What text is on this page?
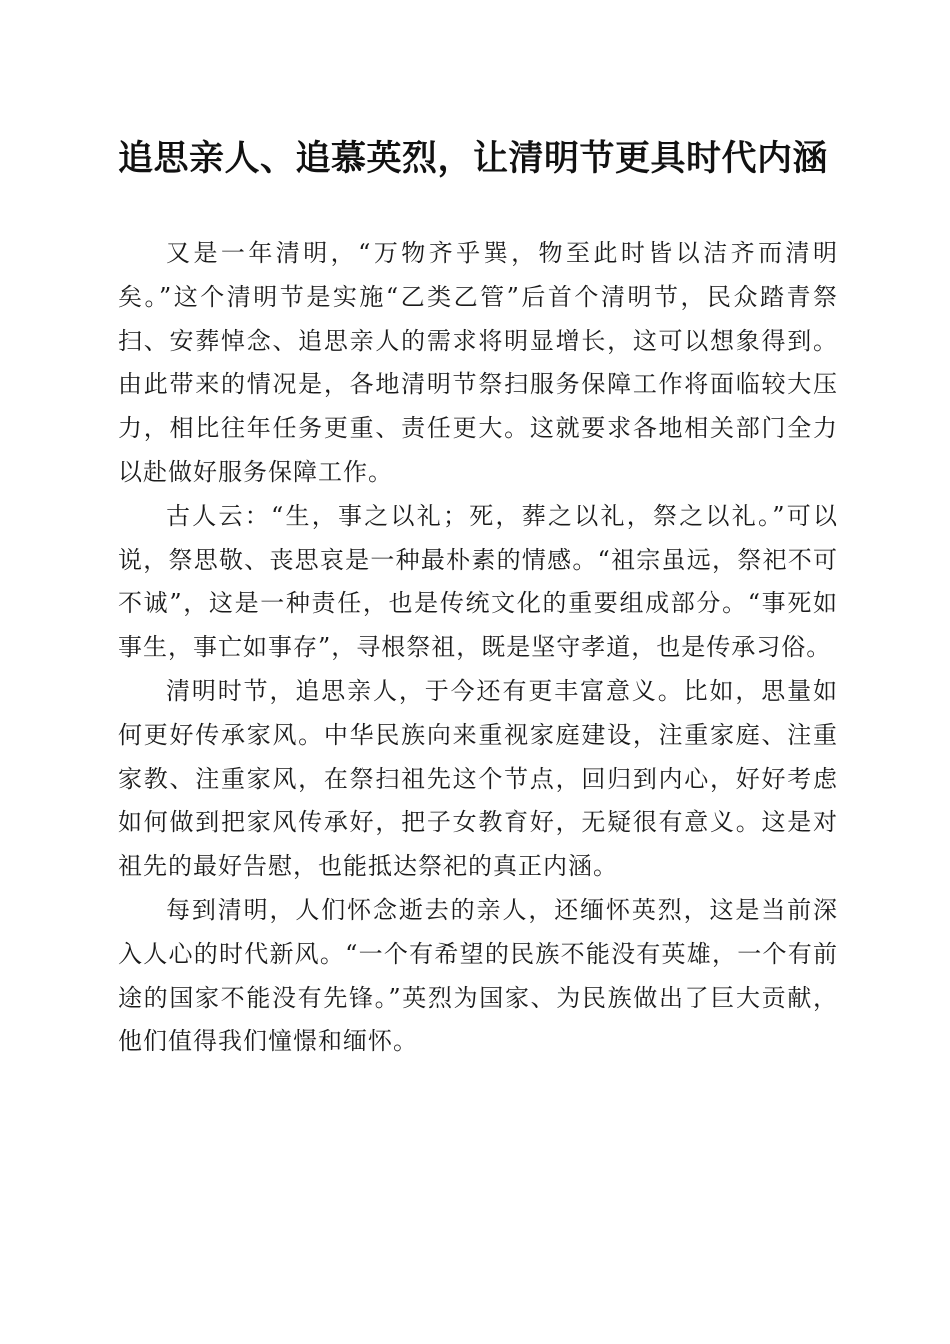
追思亲人、追慕英烈，让清明节更具时代内涵

又是一年清明，“万物齐乎巽，物至此时皆以洁齐而清明矣。”这个清明节是实施“乙类乙管”后首个清明节，民众踏青祭扫、安葬悼念、追思亲人的需求将明显增长，这可以想象得到。由此带来的情况是，各地清明节祭扫服务保障工作将面临较大压力，相比往年任务更重、责任更大。这就要求各地相关部门全力以赴做好服务保障工作。

古人云：“生，事之以礼；死，葬之以礼，祭之以礼。”可以说，祭思敬、丧思哀是一种最朴素的情感。“祖宗虽远，祭祀不可不诚”，这是一种责任，也是传统文化的重要组成部分。“事死如事生，事亡如事存”，寻根祭祖，既是坚守孝道，也是传承习俗。

清明时节，追思亲人，于今还有更丰富意义。比如，思量如何更好传承家风。中华民族向来重视家庭建设，注重家庭、注重家教、注重家风，在祭扫祖先这个节点，回归到内心，好好考虑如何做到把家风传承好，把子女教育好，无疑很有意义。这是对祖先的最好告慰，也能抵达祭祀的真正内涵。

每到清明，人们怀念逝去的亲人，还缅怀英烈，这是当前深入人心的时代新风。“一个有希望的民族不能没有英雄，一个有前途的国家不能没有先锋。”英烈为国家、为民族做出了巨大贡献，他们值得我们憧憬和缅怀。
